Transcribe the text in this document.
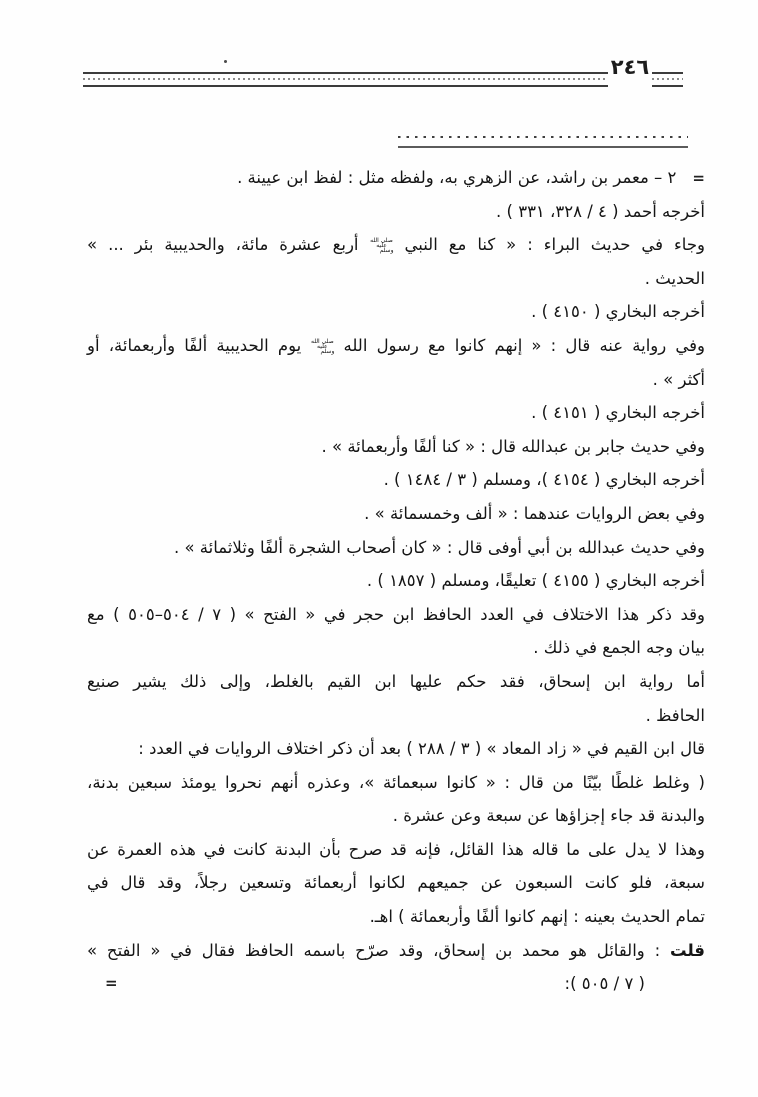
٢٤٦
=٢ – معمر بن راشد، عن الزهري به، ولفظه مثل : لفظ ابن عيينة .
أخرجه أحمد ( ٤ / ٣٢٨، ٣٣١ ) .
وجاء في حديث البراء : « كنا مع النبي صلى الله عليه وسلم أربع عشرة مائة، والحديبية بئر ... »
الحديث .
أخرجه البخاري ( ٤١٥٠ ) .
وفي رواية عنه قال : « إنهم كانوا مع رسول الله صلى الله عليه وسلم يوم الحديبية ألفًا وأربعمائة، أو
أكثر » .
أخرجه البخاري ( ٤١٥١ ) .
وفي حديث جابر بن عبدالله قال : « كنا ألفًا وأربعمائة » .
أخرجه البخاري ( ٤١٥٤ )، ومسلم ( ٣ / ١٤٨٤ ) .
وفي بعض الروايات عندهما : « ألف وخمسمائة » .
وفي حديث عبدالله بن أبي أوفى قال : « كان أصحاب الشجرة ألفًا وثلاثمائة » .
أخرجه البخاري ( ٤١٥٥ ) تعليقًا، ومسلم ( ١٨٥٧ ) .
وقد ذكر هذا الاختلاف في العدد الحافظ ابن حجر في « الفتح » ( ٧ / ٥٠٤–٥٠٥ ) مع
بيان وجه الجمع في ذلك .
أما رواية ابن إسحاق، فقد حكم عليها ابن القيم بالغلط، وإلى ذلك يشير صنيع
الحافظ .
قال ابن القيم في « زاد المعاد » ( ٣ / ٢٨٨ ) بعد أن ذكر اختلاف الروايات في العدد :
( وغلط غلطًا بيّنًا من قال : « كانوا سبعمائة »، وعذره أنهم نحروا يومئذ سبعين بدنة،
والبدنة قد جاء إجزاؤها عن سبعة وعن عشرة .
وهذا لا يدل على ما قاله هذا القائل، فإنه قد صرح بأن البدنة كانت في هذه العمرة عن
سبعة، فلو كانت السبعون عن جميعهم لكانوا أربعمائة وتسعين رجلاً، وقد قال في
تمام الحديث بعينه : إنهم كانوا ألفًا وأربعمائة ) اهـ.
قلت : والقائل هو محمد بن إسحاق، وقد صرّح باسمه الحافظ فقال في « الفتح »
( ٧ / ٥٠٥ ):
=
